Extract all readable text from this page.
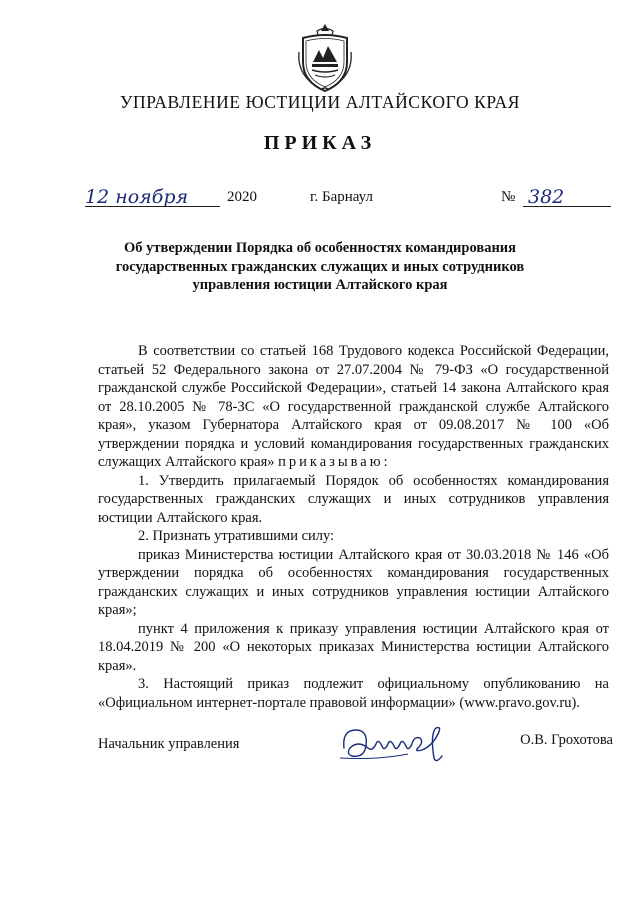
УПРАВЛЕНИЕ ЮСТИЦИИ АЛТАЙСКОГО КРАЯ
ПРИКАЗ
12 ноября	2020	г. Барнаул	№ 382
Об утверждении Порядка об особенностях командирования государственных гражданских служащих и иных сотрудников управления юстиции Алтайского края

В соответствии со статьей 168 Трудового кодекса Российской Федерации, статьей 52 Федерального закона от 27.07.2004 № 79-ФЗ «О государственной гражданской службе Российской Федерации», статьей 14 закона Алтайского края от 28.10.2005 № 78-ЗС «О государственной гражданской службе Алтайского края», указом Губернатора Алтайского края от 09.08.2017 № 100 «Об утверждении порядка и условий командирования государственных гражданских служащих Алтайского края» приказываю:

1. Утвердить прилагаемый Порядок об особенностях командирования государственных гражданских служащих и иных сотрудников управления юстиции Алтайского края.

2. Признать утратившими силу:

приказ Министерства юстиции Алтайского края от 30.03.2018 № 146 «Об утверждении порядка об особенностях командирования государственных гражданских служащих и иных сотрудников управления юстиции Алтайского края»;

пункт 4 приложения к приказу управления юстиции Алтайского края от 18.04.2019 № 200 «О некоторых приказах Министерства юстиции Алтайского края».

3. Настоящий приказ подлежит официальному опубликованию на «Официальном интернет-портале правовой информации» (www.pravo.gov.ru).

Начальник управления	О.В. Грохотова
